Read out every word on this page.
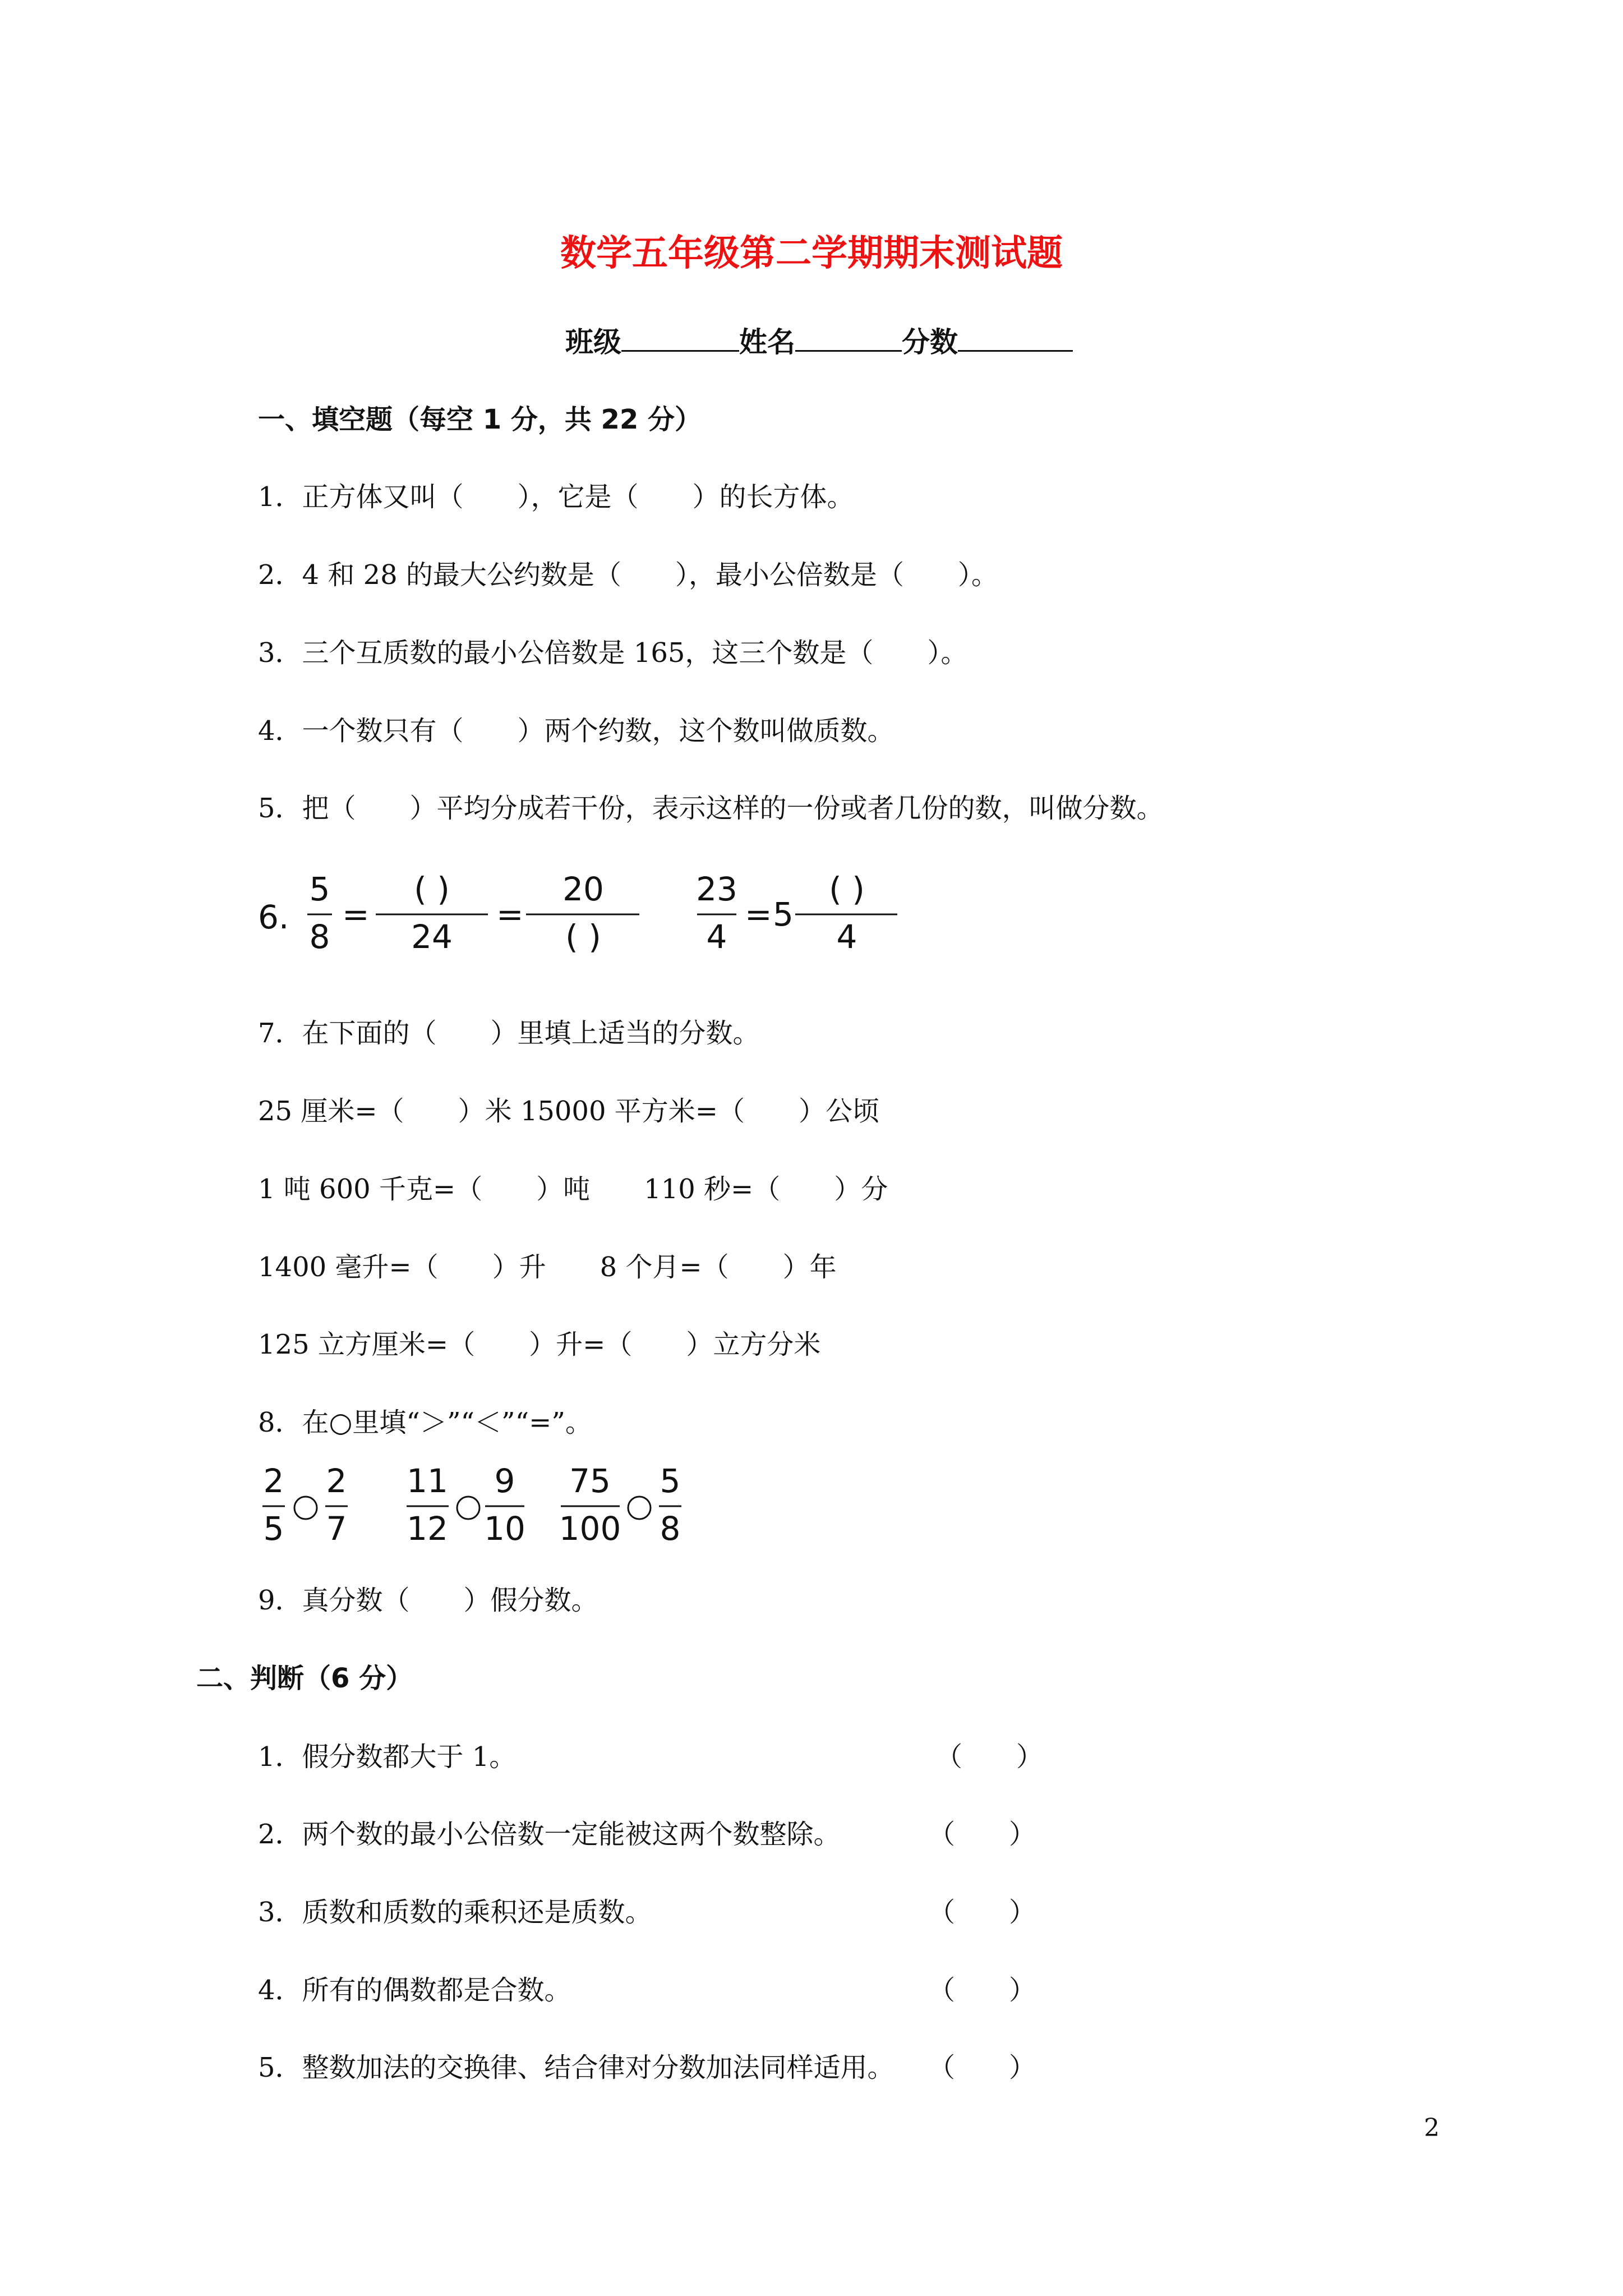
数学五年级第二学期期末测试题
班级	姓名	分数
一、填空题（每空 1 分，共 22 分）
1．正方体又叫（　　），它是（　　）的长方体。
2．4 和 28 的最大公约数是（　　），最小公倍数是（　　）。
3．三个互质数的最小公倍数是 165，这三个数是（　　）。
4．一个数只有（　　）两个约数，这个数叫做质数。
5．把（　　）平均分成若干份，表示这样的一份或者几份的数，叫做分数。
6.
5
8
=
( )
24
=
20
( )
23
4
= 5
( )
4
7．在下面的（　　）里填上适当的分数。
25 厘米=（　　）米 15000 平方米=（　　）公顷
1 吨 600 千克=（　　）吨　　110 秒=（　　）分
1400 毫升=（　　）升　　8 个月=（　　）年
125 立方厘米=（　　）升=（　　）立方分米
8．在○里填“＞”“＜”“=”。
2
5
2
7
11
12
9
10
75
100
5
8
9．真分数（　　）假分数。
二、判断（6 分）
1．假分数都大于 1。	（　　）
2．两个数的最小公倍数一定能被这两个数整除。	（　　）
3．质数和质数的乘积还是质数。	（　　）
4．所有的偶数都是合数。	（　　）
5．整数加法的交换律、结合律对分数加法同样适用。 （　　）
2
